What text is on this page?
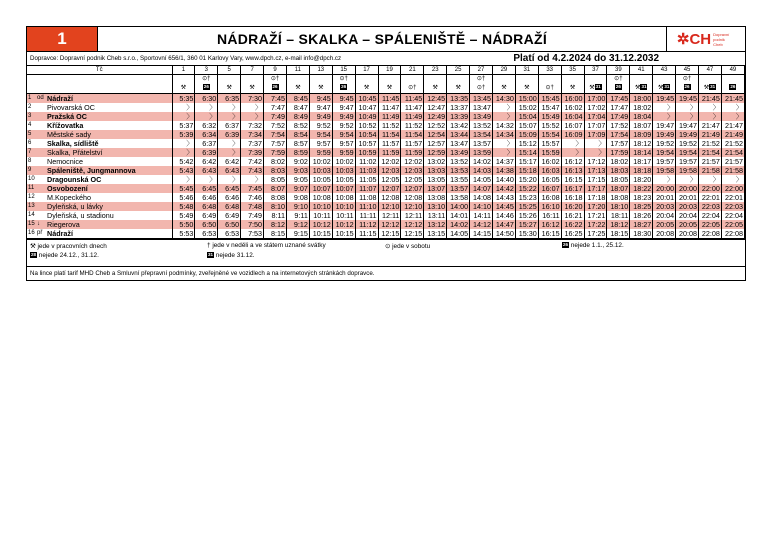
1	NÁDRAŽÍ – SKALKA – SPÁLENIŠTĚ – NÁDRAŽÍ	✲CH Dopravní podnik Cheb
Dopravce: Dopravní podnik Cheb s.r.o., Sportovní 656/1, 360 01 Karlovy Vary, www.dpch.cz, e-mail info@dpch.cz	Platí od 4.2.2024 do 31.12.2032
Tč			1	3	5	7	9	11	13	15	17	19	21	23	25	27	29	31	33	35	37	39	41	43	45	47	49
				⊙†			⊙†			⊙†						⊙†						⊙†			⊙†		
			⚒	26	⚒	⚒	26	⚒	⚒	26	⚒	⚒	⊙†	⚒	⚒	⊙†	⚒	⚒	⊙†	⚒	⚒31	26	⚒31	⚒31	26	⚒31	26
1	od	Nádraží	5:35	6:30	6:35	7:30	7:45	8:45	9:45	9:45	10:45	11:45	11:45	12:45	13:35	13:45	14:30	15:00	15:45	16:00	17:00	17:45	18:00	19:45	19:45	21:45	21:45
2		Pivovarská OC	〉	〉	〉	〉	7:47	8:47	9:47	9:47	10:47	11:47	11:47	12:47	13:37	13:47	〉	15:02	15:47	16:02	17:02	17:47	18:02	〉	〉	〉	〉
3		Pražská OC	〉	〉	〉	〉	7:49	8:49	9:49	9:49	10:49	11:49	11:49	12:49	13:39	13:49	〉	15:04	15:49	16:04	17:04	17:49	18:04	〉	〉	〉	〉
4		Křížovatka	5:37	6:32	6:37	7:32	7:52	8:52	9:52	9:52	10:52	11:52	11:52	12:52	13:42	13:52	14:32	15:07	15:52	16:07	17:07	17:52	18:07	19:47	19:47	21:47	21:47
5		Městské sady	5:39	6:34	6:39	7:34	7:54	8:54	9:54	9:54	10:54	11:54	11:54	12:54	13:44	13:54	14:34	15:09	15:54	16:09	17:09	17:54	18:09	19:49	19:49	21:49	21:49
6		Skalka, sídliště	〉	6:37	〉	7:37	7:57	8:57	9:57	9:57	10:57	11:57	11:57	12:57	13:47	13:57	〉	15:12	15:57	〉	〉	17:57	18:12	19:52	19:52	21:52	21:52
7		Skalka, Přátelství	〉	6:39	〉	7:39	7:59	8:59	9:59	9:59	10:59	11:59	11:59	12:59	13:49	13:59	〉	15:14	15:59	〉	〉	17:59	18:14	19:54	19:54	21:54	21:54
8		Nemocnice	5:42	6:42	6:42	7:42	8:02	9:02	10:02	10:02	11:02	12:02	12:02	13:02	13:52	14:02	14:37	15:17	16:02	16:12	17:12	18:02	18:17	19:57	19:57	21:57	21:57
9		Spáleniště, Jungmannova	5:43	6:43	6:43	7:43	8:03	9:03	10:03	10:03	11:03	12:03	12:03	13:03	13:53	14:03	14:38	15:18	16:03	16:13	17:13	18:03	18:18	19:58	19:58	21:58	21:58
10		Dragounská OC	〉	〉	〉	〉	8:05	9:05	10:05	10:05	11:05	12:05	12:05	13:05	13:55	14:05	14:40	15:20	16:05	16:15	17:15	18:05	18:20	〉	〉	〉	〉
11		Osvobození	5:45	6:45	6:45	7:45	8:07	9:07	10:07	10:07	11:07	12:07	12:07	13:07	13:57	14:07	14:42	15:22	16:07	16:17	17:17	18:07	18:22	20:00	20:00	22:00	22:00
12		M.Kopeckého	5:46	6:46	6:46	7:46	8:08	9:08	10:08	10:08	11:08	12:08	12:08	13:08	13:58	14:08	14:43	15:23	16:08	16:18	17:18	18:08	18:23	20:01	20:01	22:01	22:01
13		Dyleňská, u lávky	5:48	6:48	6:48	7:48	8:10	9:10	10:10	10:10	11:10	12:10	12:10	13:10	14:00	14:10	14:45	15:25	16:10	16:20	17:20	18:10	18:25	20:03	20:03	22:03	22:03
14		Dyleňská, u stadionu	5:49	6:49	6:49	7:49	8:11	9:11	10:11	10:11	11:11	12:11	12:11	13:11	14:01	14:11	14:46	15:26	16:11	16:21	17:21	18:11	18:26	20:04	20:04	22:04	22:04
15	↓	Riegerova	5:50	6:50	6:50	7:50	8:12	9:12	10:12	10:12	11:12	12:12	12:12	13:12	14:02	14:12	14:47	15:27	16:12	16:22	17:22	18:12	18:27	20:05	20:05	22:05	22:05
16	př	Nádraží	5:53	6:53	6:53	7:53	8:15	9:15	10:15	10:15	11:15	12:15	12:15	13:15	14:05	14:15	14:50	15:30	16:15	16:25	17:25	18:15	18:30	20:08	20:08	22:08	22:08
⚒ jede v pracovních dnech	† jede v neděli a ve státem uznané svátky	⊙ jede v sobotu	26 nejede 1.1., 25.12.
28 nejede 24.12., 31.12.	31 nejede 31.12.
Na lince platí tarif MHD Cheb a Smluvní přepravní podmínky, zveřejněné ve vozidlech a na internetových stránkách dopravce.
